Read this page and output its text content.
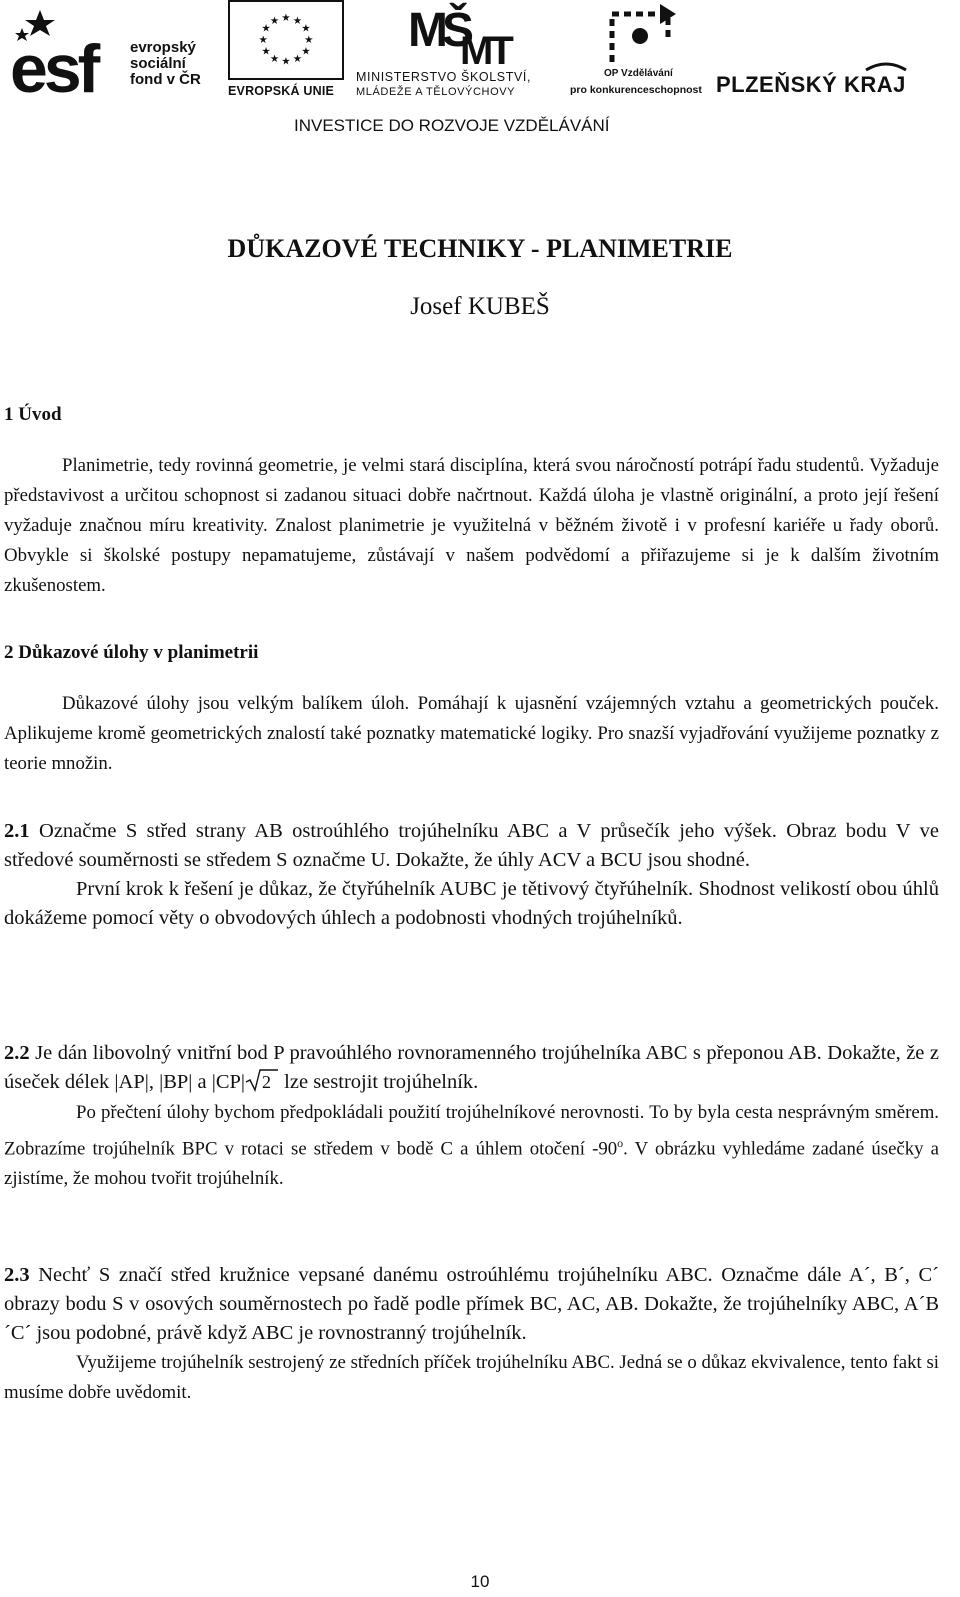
esf evropský
sociální
fond v ČR
★ ★
★
★
★
★
★
★
★
★
★
★
EVROPSKÁ UNIE
MŠ
MT
MINISTERSTVO ŠKOLSTVÍ,
MLÁDEŽE A TĚLOVÝCHOVY
OP Vzdělávání
pro konkurenceschopnost PLZEŇSKÝ KRAJ
INVESTICE DO ROZVOJE VZDĚLÁVÁNÍ
DŮKAZOVÉ TECHNIKY - PLANIMETRIE
Josef KUBEŠ
1 Úvod

Planimetrie, tedy rovinná geometrie, je velmi stará disciplína, která svou náročností potrápí řadu studentů. Vyžaduje představivost a určitou schopnost si zadanou situaci dobře načrtnout. Každá úloha je vlastně originální, a proto její řešení vyžaduje značnou míru kreativity. Znalost planimetrie je využitelná v běžném životě i v profesní kariéře u řady oborů. Obvykle si školské postupy nepamatujeme, zůstávají v našem podvědomí a přiřazujeme si je k dalším životním zkušenostem.

2 Důkazové úlohy v planimetrii

Důkazové úlohy jsou velkým balíkem úloh. Pomáhají k ujasnění vzájemných vztahu a geometrických pouček. Aplikujeme kromě geometrických znalostí také poznatky matematické logiky. Pro snazší vyjadřování využijeme poznatky z teorie množin.

2.1 Označme S střed strany AB ostroúhlého trojúhelníku ABC a V průsečík jeho výšek. Obraz bodu V ve středové souměrnosti se středem S označme U. Dokažte, že úhly ACV a BCU jsou shodné.

První krok k řešení je důkaz, že čtyřúhelník AUBC je tětivový čtyřúhelník. Shodnost velikostí obou úhlů dokážeme pomocí věty o obvodových úhlech a podobnosti vhodných trojúhelníků.

2.2 Je dán libovolný vnitřní bod P pravoúhlého rovnoramenného trojúhelníka ABC s přeponou AB. Dokažte, že z úseček délek |AP|, |BP| a |CP| 2 lze sestrojit trojúhelník.

Po přečtení úlohy bychom předpokládali použití trojúhelníkové nerovnosti. To by byla cesta nesprávným směrem. Zobrazíme trojúhelník BPC v rotaci se středem v bodě C a úhlem otočení -90$^o$. V obrázku vyhledáme zadané úsečky a zjistíme, že mohou tvořit trojúhelník.

2.3 Nechť S značí střed kružnice vepsané danému ostroúhlému trojúhelníku ABC. Označme dále A´, B´, C´ obrazy bodu S v osových souměrnostech po řadě podle přímek BC, AC, AB. Dokažte, že trojúhelníky ABC, A´B´C´ jsou podobné, právě když ABC je rovnostranný trojúhelník.

Využijeme trojúhelník sestrojený ze středních příček trojúhelníku ABC. Jedná se o důkaz ekvivalence, tento fakt si musíme dobře uvědomit.

10
